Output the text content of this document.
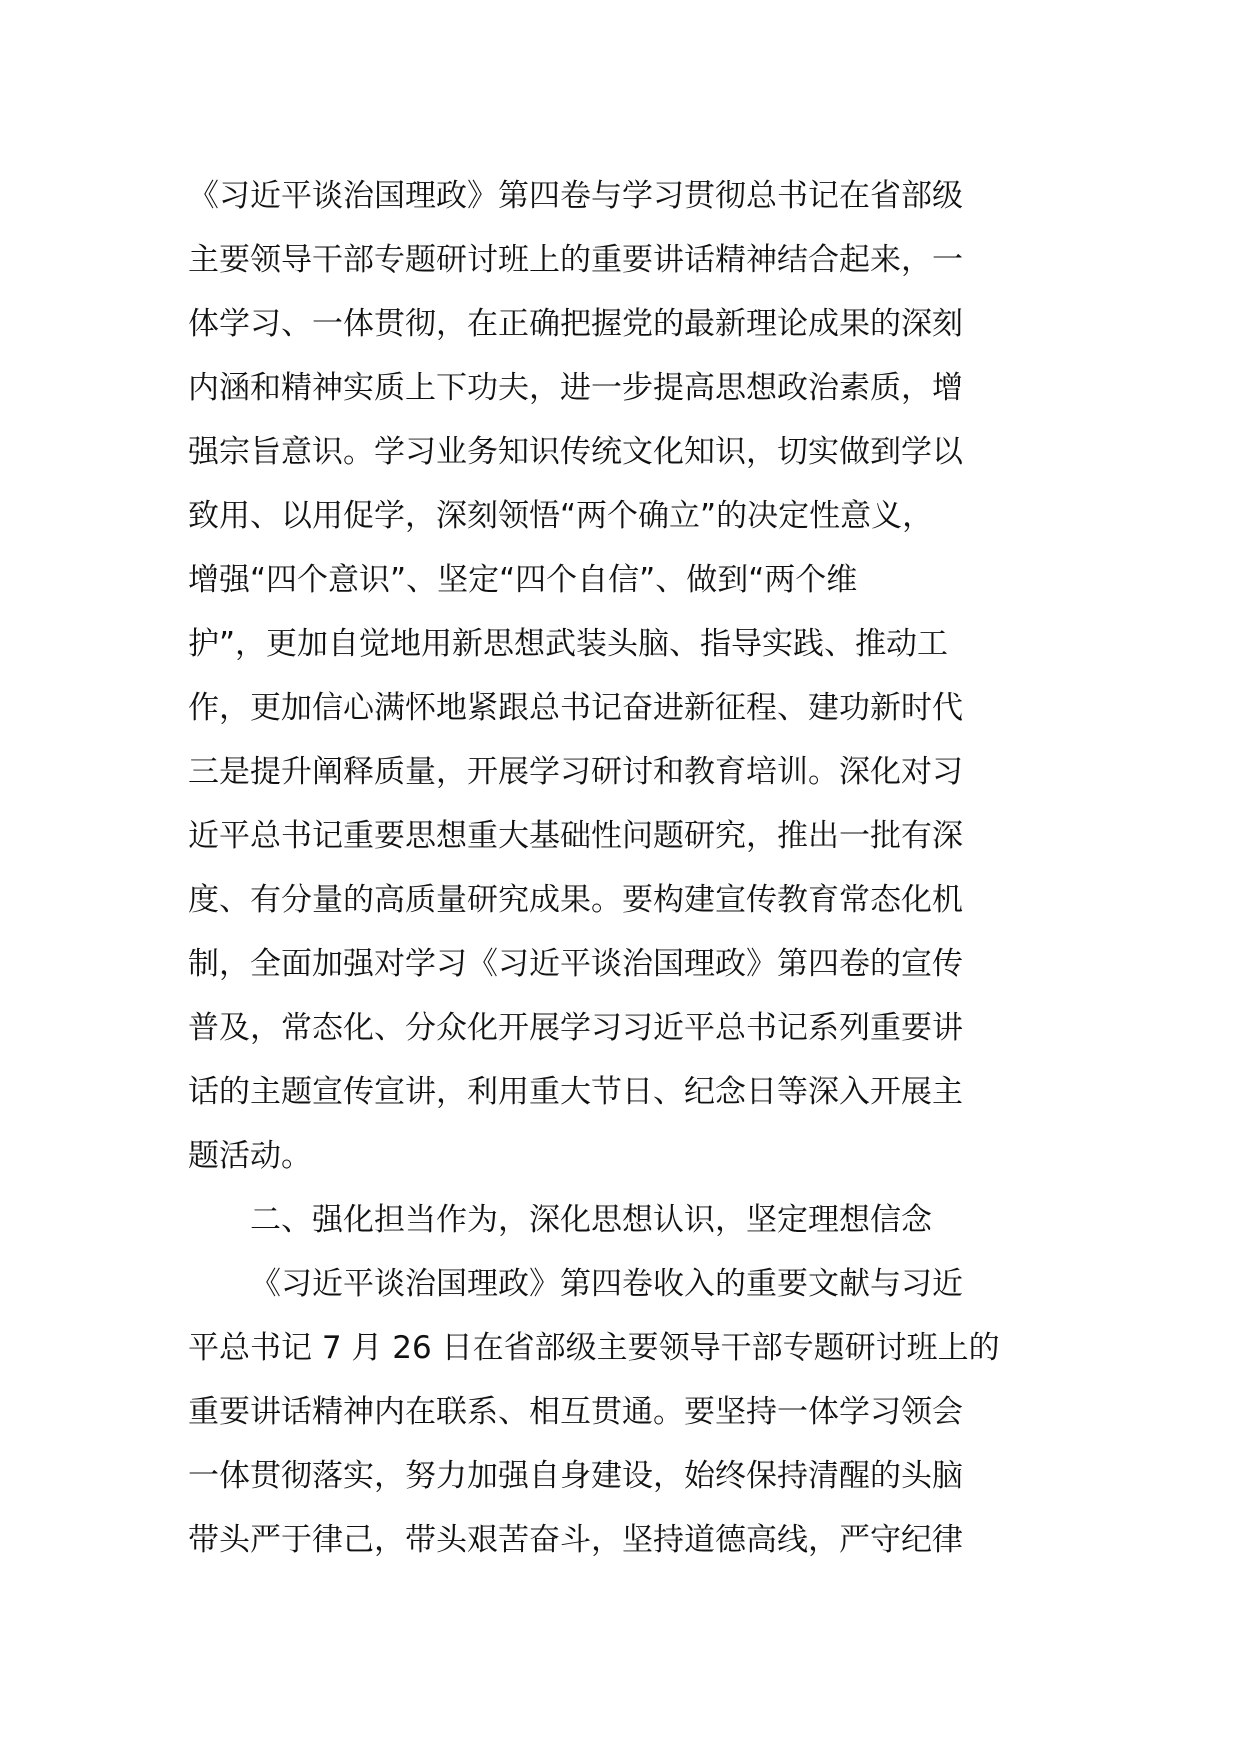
《习近平谈治国理政》第四卷与学习贯彻总书记在省部级
主要领导干部专题研讨班上的重要讲话精神结合起来，一
体学习、一体贯彻，在正确把握党的最新理论成果的深刻
内涵和精神实质上下功夫，进一步提高思想政治素质，增
强宗旨意识。学习业务知识传统文化知识，切实做到学以
致用、以用促学，深刻领悟“两个确立”的决定性意义，
增强“四个意识”、坚定“四个自信”、做到“两个维
护”，更加自觉地用新思想武装头脑、指导实践、推动工
作，更加信心满怀地紧跟总书记奋进新征程、建功新时代
三是提升阐释质量，开展学习研讨和教育培训。深化对习
近平总书记重要思想重大基础性问题研究，推出一批有深
度、有分量的高质量研究成果。要构建宣传教育常态化机
制，全面加强对学习《习近平谈治国理政》第四卷的宣传
普及，常态化、分众化开展学习习近平总书记系列重要讲
话的主题宣传宣讲，利用重大节日、纪念日等深入开展主
题活动。
二、强化担当作为，深化思想认识，坚定理想信念
《习近平谈治国理政》第四卷收入的重要文献与习近
平总书记 7 月 26 日在省部级主要领导干部专题研讨班上的
重要讲话精神内在联系、相互贯通。要坚持一体学习领会
一体贯彻落实，努力加强自身建设，始终保持清醒的头脑
带头严于律己，带头艰苦奋斗，坚持道德高线，严守纪律
